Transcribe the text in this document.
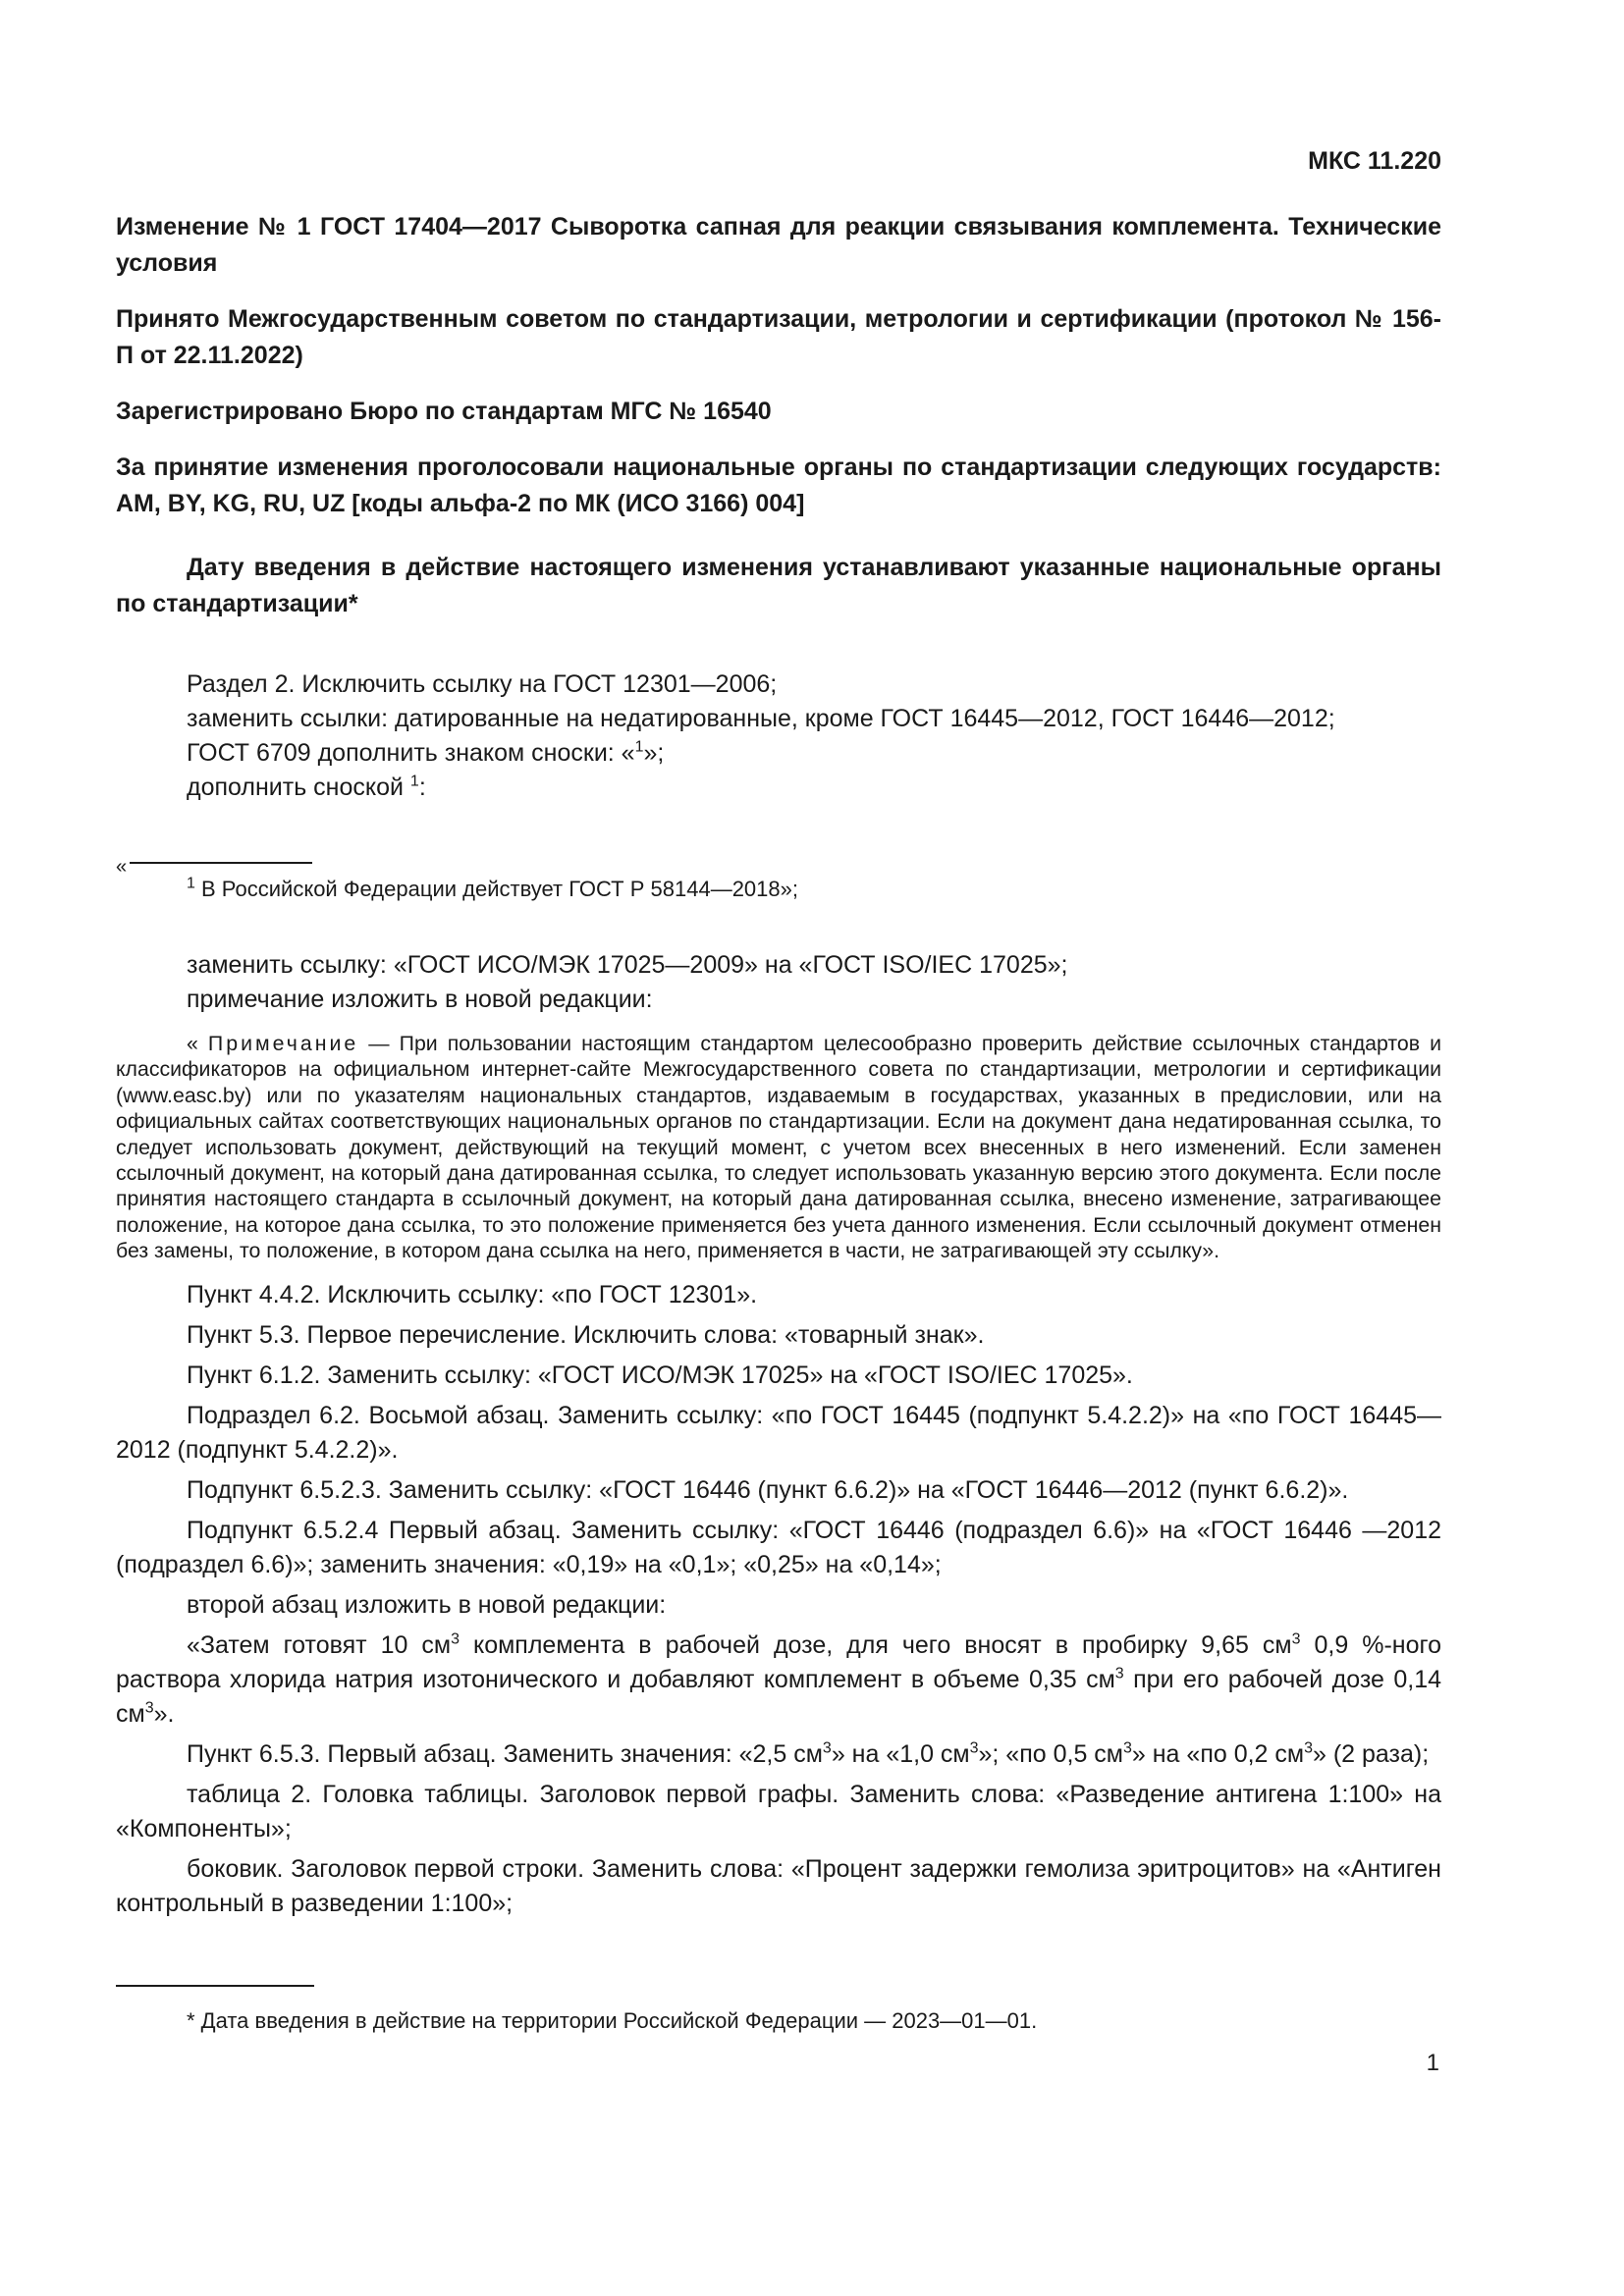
МКС 11.220

Изменение № 1 ГОСТ 17404—2017 Сыворотка сапная для реакции связывания комплемента. Технические условия

Принято Межгосударственным советом по стандартизации, метрологии и сертификации (протокол № 156-П от 22.11.2022)

Зарегистрировано Бюро по стандартам МГС № 16540

За принятие изменения проголосовали национальные органы по стандартизации следующих государств: AM, BY, KG, RU, UZ [коды альфа-2 по МК (ИСО 3166) 004]

Дату введения в действие настоящего изменения устанавливают указанные национальные органы по стандартизации*

Раздел 2. Исключить ссылку на ГОСТ 12301—2006;

заменить ссылки: датированные на недатированные, кроме ГОСТ 16445—2012, ГОСТ 16446—2012;

ГОСТ 6709 дополнить знаком сноски: «$^1$»;

дополнить сноской $^1$:

«

$^1$ В Российской Федерации действует ГОСТ Р 58144—2018»;

заменить ссылку: «ГОСТ ИСО/МЭК 17025—2009» на «ГОСТ ISO/IEC 17025»;

примечание изложить в новой редакции:

« Примечание — При пользовании настоящим стандартом целесообразно проверить действие ссылочных стандартов и классификаторов на официальном интернет-сайте Межгосударственного совета по стандартизации, метрологии и сертификации (www.easc.by) или по указателям национальных стандартов, издаваемым в государствах, указанных в предисловии, или на официальных сайтах соответствующих национальных органов по стандартизации. Если на документ дана недатированная ссылка, то следует использовать документ, действующий на текущий момент, с учетом всех внесенных в него изменений. Если заменен ссылочный документ, на который дана датированная ссылка, то следует использовать указанную версию этого документа. Если после принятия настоящего стандарта в ссылочный документ, на который дана датированная ссылка, внесено изменение, затрагивающее положение, на которое дана ссылка, то это положение применяется без учета данного изменения. Если ссылочный документ отменен без замены, то положение, в котором дана ссылка на него, применяется в части, не затрагивающей эту ссылку».

Пункт 4.4.2. Исключить ссылку: «по ГОСТ 12301».

Пункт 5.3. Первое перечисление. Исключить слова: «товарный знак».

Пункт 6.1.2. Заменить ссылку: «ГОСТ ИСО/МЭК 17025» на «ГОСТ ISO/IEC 17025».

Подраздел 6.2. Восьмой абзац. Заменить ссылку: «по ГОСТ 16445 (подпункт 5.4.2.2)» на «по ГОСТ 16445—2012 (подпункт 5.4.2.2)».

Подпункт 6.5.2.3. Заменить ссылку: «ГОСТ 16446 (пункт 6.6.2)» на «ГОСТ 16446—2012 (пункт 6.6.2)».

Подпункт 6.5.2.4 Первый абзац. Заменить ссылку: «ГОСТ 16446 (подраздел 6.6)» на «ГОСТ 16446 —2012 (подраздел 6.6)»; заменить значения: «0,19» на «0,1»; «0,25» на «0,14»;

второй абзац изложить в новой редакции:

«Затем готовят 10 $см^3$ комплемента в рабочей дозе, для чего вносят в пробирку 9,65 $см^3$ 0,9 %-ного раствора хлорида натрия изотонического и добавляют комплемент в объеме 0,35 $см^3$ при его рабочей дозе 0,14 $см^3$».

Пункт 6.5.3. Первый абзац. Заменить значения: «2,5 $см^3$» на «1,0 $см^3$»; «по 0,5 $см^3$» на «по 0,2 $см^3$» (2 раза);

таблица 2. Головка таблицы. Заголовок первой графы. Заменить слова: «Разведение антигена 1:100» на «Компоненты»;

боковик. Заголовок первой строки. Заменить слова: «Процент задержки гемолиза эритроцитов» на «Антиген контрольный в разведении 1:100»;

* Дата введения в действие на территории Российской Федерации — 2023—01—01.
1
